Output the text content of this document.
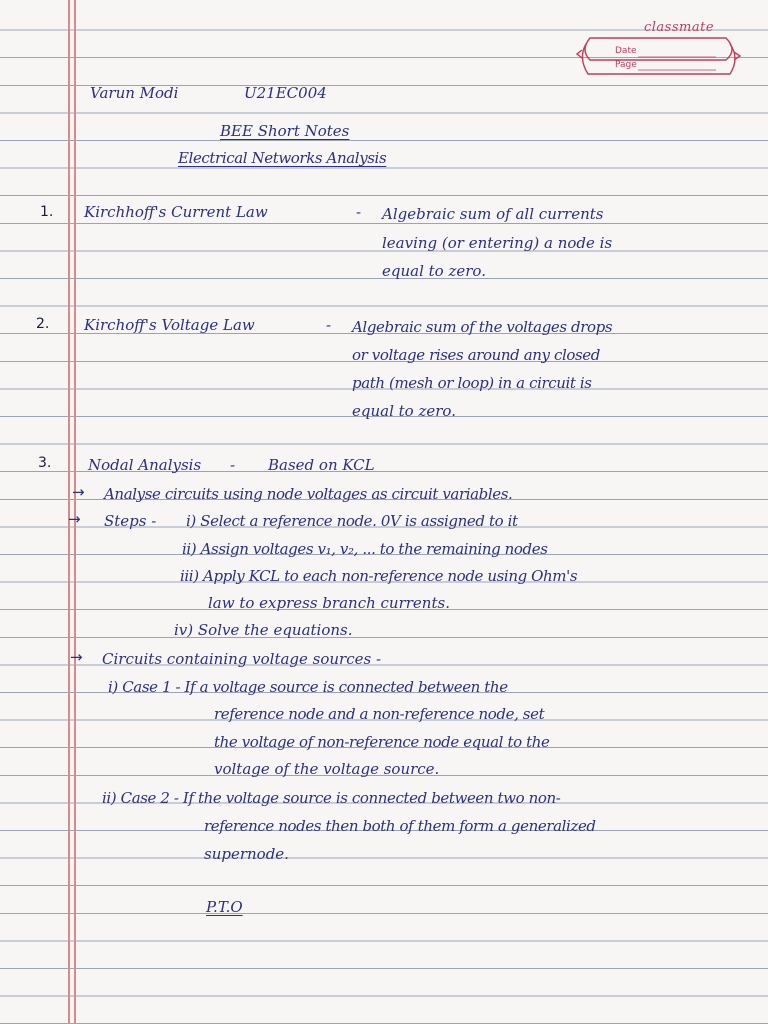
classmate
Date
Page

Varun Modi	U21EC004

BEE Short Notes

Electrical Networks Analysis

1. Kirchhoff's Current Law	- Algebraic sum of all currents

leaving (or entering) a node is

equal to zero.

2. Kirchoff's Voltage Law	- Algebraic sum of the voltages drops

or voltage rises around any closed

path (mesh or loop) in a circuit is

equal to zero.

3. Nodal Analysis - Based on KCL

→ Analyse circuits using node voltages as circuit variables.

→ Steps - i) Select a reference node. 0V is assigned to it

ii) Assign voltages v₁, v₂, ... to the remaining nodes

iii) Apply KCL to each non-reference node using Ohm's

law to express branch currents.

iv) Solve the equations.

→ Circuits containing voltage sources -

i) Case 1 - If a voltage source is connected between the

reference node and a non-reference node, set

the voltage of non-reference node equal to the

voltage of the voltage source.

ii) Case 2 - If the voltage source is connected between two non-

reference nodes then both of them form a generalized

supernode.

P.T.O
